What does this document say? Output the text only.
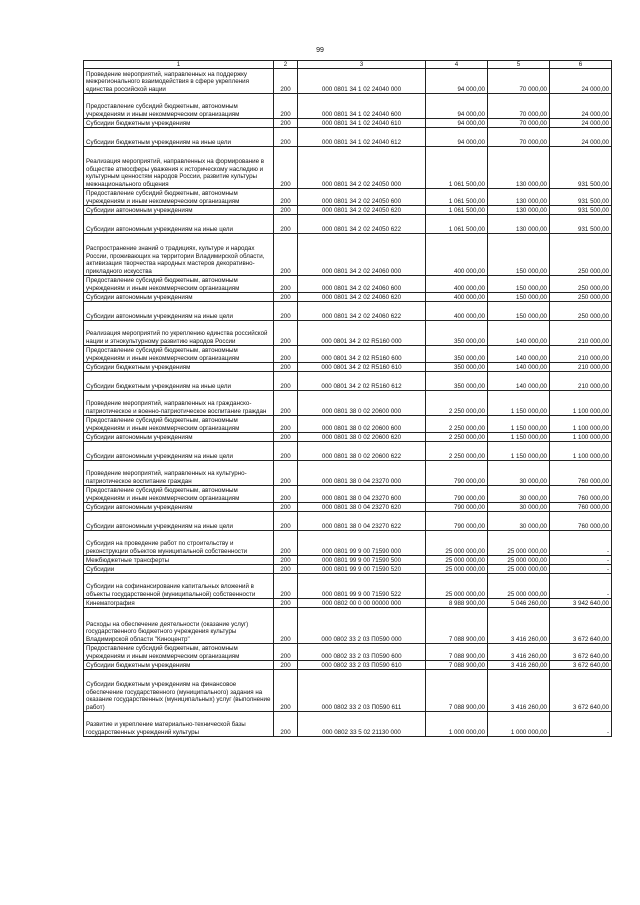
99
1	2	3	4	5	6
Проведение мероприятий, направленных на поддержку межрегионального взаимодействия в сфере укрепления единства российской нации	200	000 0801 34 1 02 24040 000	94 000,00	70 000,00	24 000,00
Предоставление субсидий бюджетным, автономным учреждениям и иным некоммерческим организациям	200	000 0801 34 1 02 24040 600	94 000,00	70 000,00	24 000,00
Субсидии бюджетным учреждениям	200	000 0801 34 1 02 24040 610	94 000,00	70 000,00	24 000,00
Субсидии бюджетным учреждениям на иные цели	200	000 0801 34 1 02 24040 612	94 000,00	70 000,00	24 000,00
Реализация мероприятий, направленных на формирование в обществе атмосферы уважения к историческому наследию и культурным ценностям народов России, развитие культуры межнационального общения	200	000 0801 34 2 02 24050 000	1 061 500,00	130 000,00	931 500,00
Предоставление субсидий бюджетным, автономным учреждениям и иным некоммерческим организациям	200	000 0801 34 2 02 24050 600	1 061 500,00	130 000,00	931 500,00
Субсидии автономным учреждениям	200	000 0801 34 2 02 24050 620	1 061 500,00	130 000,00	931 500,00
Субсидии автономным учреждениям на иные цели	200	000 0801 34 2 02 24050 622	1 061 500,00	130 000,00	931 500,00
Распространение знаний о традициях, культуре и народах России, проживающих на территории Владимирской области, активизация творчества народных мастеров декоративно-прикладного искусства	200	000 0801 34 2 02 24060 000	400 000,00	150 000,00	250 000,00
Предоставление субсидий бюджетным, автономным учреждениям и иным некоммерческим организациям	200	000 0801 34 2 02 24060 600	400 000,00	150 000,00	250 000,00
Субсидии автономным учреждениям	200	000 0801 34 2 02 24060 620	400 000,00	150 000,00	250 000,00
Субсидии автономным учреждениям на иные цели	200	000 0801 34 2 02 24060 622	400 000,00	150 000,00	250 000,00
Реализация мероприятий по укреплению единства российской нации и этнокультурному развитию народов России	200	000 0801 34 2 02 R5160 000	350 000,00	140 000,00	210 000,00
Предоставление субсидий бюджетным, автономным учреждениям и иным некоммерческим организациям	200	000 0801 34 2 02 R5160 600	350 000,00	140 000,00	210 000,00
Субсидии бюджетным учреждениям	200	000 0801 34 2 02 R5160 610	350 000,00	140 000,00	210 000,00
Субсидии бюджетным учреждениям на иные цели	200	000 0801 34 2 02 R5160 612	350 000,00	140 000,00	210 000,00
Проведение мероприятий, направленных на гражданско-патриотическое и военно-патриотическое воспитание граждан	200	000 0801 38 0 02 20600 000	2 250 000,00	1 150 000,00	1 100 000,00
Предоставление субсидий бюджетным, автономным учреждениям и иным некоммерческим организациям	200	000 0801 38 0 02 20600 600	2 250 000,00	1 150 000,00	1 100 000,00
Субсидии автономным учреждениям	200	000 0801 38 0 02 20600 620	2 250 000,00	1 150 000,00	1 100 000,00
Субсидии автономным учреждениям на иные цели	200	000 0801 38 0 02 20600 622	2 250 000,00	1 150 000,00	1 100 000,00
Проведение мероприятий, направленных на культурно-патриотическое воспитание граждан	200	000 0801 38 0 04 23270 000	790 000,00	30 000,00	760 000,00
Предоставление субсидий бюджетным, автономным учреждениям и иным некоммерческим организациям	200	000 0801 38 0 04 23270 600	790 000,00	30 000,00	760 000,00
Субсидии автономным учреждениям	200	000 0801 38 0 04 23270 620	790 000,00	30 000,00	760 000,00
Субсидии автономным учреждениям на иные цели	200	000 0801 38 0 04 23270 622	790 000,00	30 000,00	760 000,00
Субсидия на проведение работ по строительству и реконструкции объектов муниципальной собственности	200	000 0801 99 9 00 71590 000	25 000 000,00	25 000 000,00	-
Межбюджетные трансферты	200	000 0801 99 9 00 71590 500	25 000 000,00	25 000 000,00	-
Субсидии	200	000 0801 99 9 00 71590 520	25 000 000,00	25 000 000,00	-
Субсидии на софинансирование капитальных вложений в объекты государственной (муниципальной) собственности	200	000 0801 99 9 00 71590 522	25 000 000,00	25 000 000,00	-
Кинематография	200	000 0802 00 0 00 00000 000	8 988 900,00	5 046 260,00	3 942 640,00
Расходы на обеспечение деятельности (оказание услуг) государственного бюджетного учреждения культуры Владимирской области "Киноцентр"	200	000 0802 33 2 03 П0590 000	7 088 900,00	3 416 260,00	3 672 640,00
Предоставление субсидий бюджетным, автономным учреждениям и иным некоммерческим организациям	200	000 0802 33 2 03 П0590 600	7 088 900,00	3 416 260,00	3 672 640,00
Субсидии бюджетным учреждениям	200	000 0802 33 2 03 П0590 610	7 088 900,00	3 416 260,00	3 672 640,00
Субсидии бюджетным учреждениям на финансовое обеспечение государственного (муниципального) задания на оказание государственных (муниципальных) услуг (выполнение работ)	200	000 0802 33 2 03 П0590 611	7 088 900,00	3 416 260,00	3 672 640,00
Развитие и укрепление материально-технической базы государственных учреждений культуры	200	000 0802 33 5 02 21130 000	1 000 000,00	1 000 000,00	-
